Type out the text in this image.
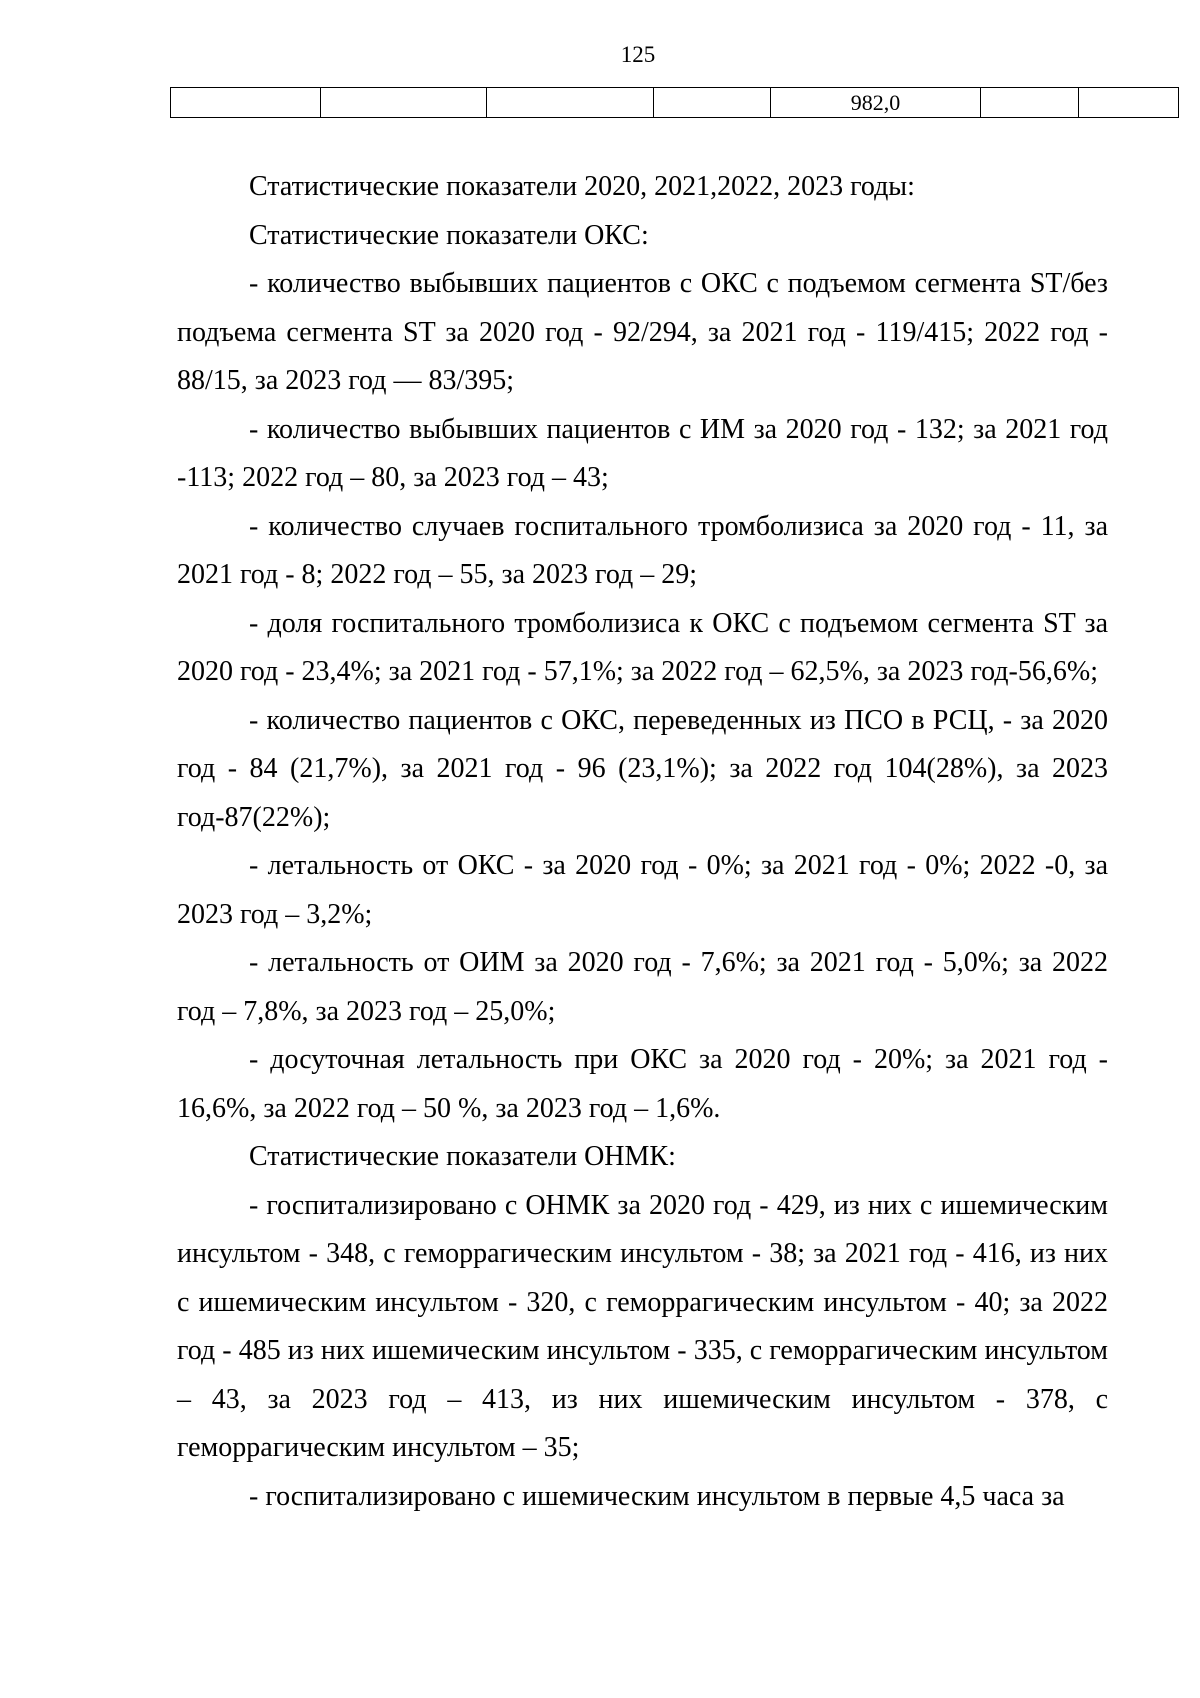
125
				982,0		

Статистические показатели 2020, 2021,2022, 2023 годы:

Статистические показатели ОКС:

- количество выбывших пациентов с ОКС с подъемом сегмента ST/без подъема сегмента ST за 2020 год - 92/294, за 2021 год - 119/415; 2022 год - 88/15, за 2023 год — 83/395;

- количество выбывших пациентов с ИМ за 2020 год - 132; за 2021 год -113; 2022 год – 80, за 2023 год – 43;

- количество случаев госпитального тромболизиса за 2020 год - 11, за 2021 год - 8; 2022 год – 55, за 2023 год – 29;

- доля госпитального тромболизиса к ОКС с подъемом сегмента ST за 2020 год - 23,4%; за 2021 год - 57,1%; за 2022 год – 62,5%, за 2023 год-56,6%;

- количество пациентов с ОКС, переведенных из ПСО в РСЦ, - за 2020 год - 84 (21,7%), за 2021 год - 96 (23,1%); за 2022 год 104(28%), за 2023 год-87(22%);

- летальность от ОКС - за 2020 год - 0%; за 2021 год - 0%; 2022 -0, за 2023 год – 3,2%;

- летальность от ОИМ за 2020 год - 7,6%; за 2021 год - 5,0%; за 2022 год – 7,8%, за 2023 год – 25,0%;

- досуточная летальность при ОКС за 2020 год - 20%; за 2021 год - 16,6%, за 2022 год – 50 %, за 2023 год – 1,6%.

Статистические показатели ОНМК:

- госпитализировано с ОНМК за 2020 год - 429, из них с ишемическим инсультом - 348, с геморрагическим инсультом - 38; за 2021 год - 416, из них с ишемическим инсультом - 320, с геморрагическим инсультом - 40; за 2022 год - 485 из них ишемическим инсультом - 335, с геморрагическим инсультом – 43, за 2023 год – 413, из них ишемическим инсультом - 378, с геморрагическим инсультом – 35;

- госпитализировано с ишемическим инсультом в первые 4,5 часа за
